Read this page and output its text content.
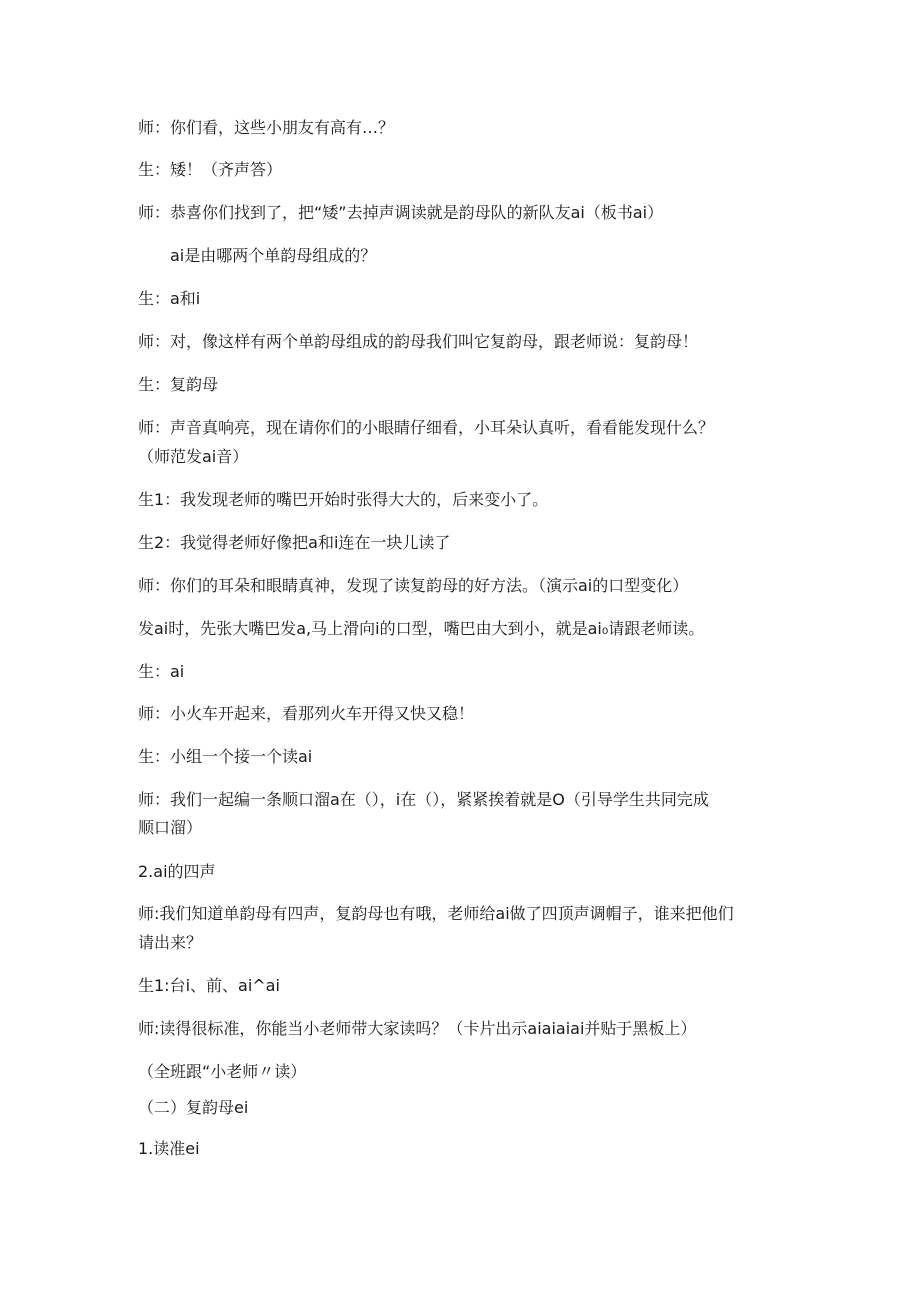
师：你们看，这些小朋友有高有…？
生：矮！（齐声答）
师：恭喜你们找到了，把“矮”去掉声调读就是韵母队的新队友ai（板书ai）
ai是由哪两个单韵母组成的？
生：a和i
师：对，像这样有两个单韵母组成的韵母我们叫它复韵母，跟老师说：复韵母！
生：复韵母
师：声音真响亮，现在请你们的小眼睛仔细看，小耳朵认真听，看看能发现什么？
（师范发ai音）
生1：我发现老师的嘴巴开始时张得大大的，后来变小了。
生2：我觉得老师好像把a和i连在一块儿读了
师：你们的耳朵和眼睛真神，发现了读复韵母的好方法。（演示ai的口型变化）
发ai时，先张大嘴巴发a,马上滑向i的口型，嘴巴由大到小，就是ai₀请跟老师读。
生：ai
师：小火车开起来，看那列火车开得又快又稳！
生：小组一个接一个读ai
师：我们一起编一条顺口溜a在（），i在（），紧紧挨着就是O（引导学生共同完成
顺口溜）
2.ai的四声
师:我们知道单韵母有四声，复韵母也有哦，老师给ai做了四顶声调帽子，谁来把他们
请出来？
生1:台i、前、ai^ai
师:读得很标准，你能当小老师带大家读吗？（卡片出示aiaiaiai并贴于黑板上）
（全班跟“小老师〃读）
（二）复韵母ei
1.读准ei
